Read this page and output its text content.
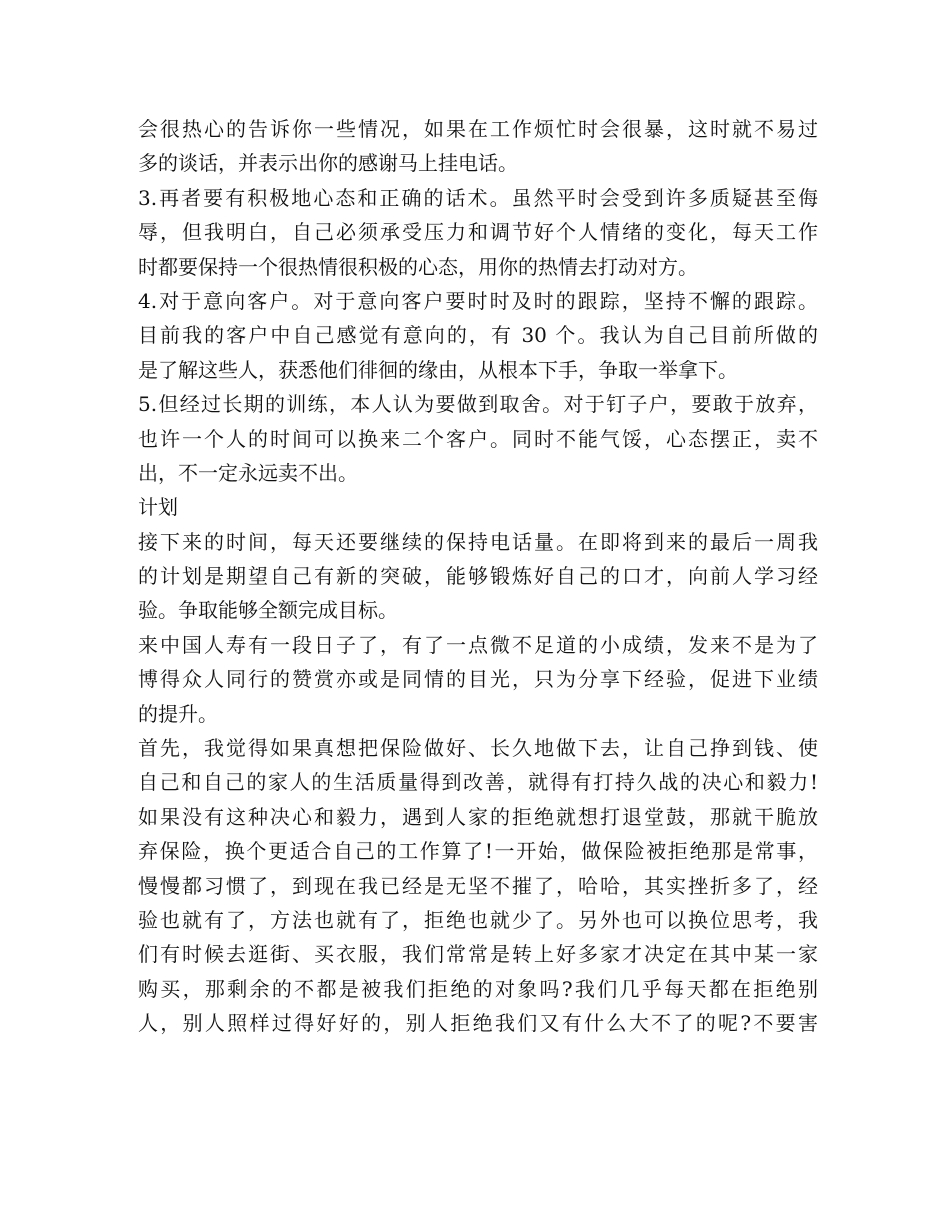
会很热心的告诉你一些情况，如果在工作烦忙时会很暴，这时就不易过
多的谈话，并表示出你的感谢马上挂电话。
3.再者要有积极地心态和正确的话术。虽然平时会受到许多质疑甚至侮
辱，但我明白，自己必须承受压力和调节好个人情绪的变化，每天工作
时都要保持一个很热情很积极的心态，用你的热情去打动对方。
4.对于意向客户。对于意向客户要时时及时的跟踪，坚持不懈的跟踪。
目前我的客户中自己感觉有意向的，有 30 个。我认为自己目前所做的
是了解这些人，获悉他们徘徊的缘由，从根本下手，争取一举拿下。
5.但经过长期的训练，本人认为要做到取舍。对于钉子户，要敢于放弃，
也许一个人的时间可以换来二个客户。同时不能气馁，心态摆正，卖不
出，不一定永远卖不出。
计划
接下来的时间，每天还要继续的保持电话量。在即将到来的最后一周我
的计划是期望自己有新的突破，能够锻炼好自己的口才，向前人学习经
验。争取能够全额完成目标。
来中国人寿有一段日子了，有了一点微不足道的小成绩，发来不是为了
博得众人同行的赞赏亦或是同情的目光，只为分享下经验，促进下业绩
的提升。
首先，我觉得如果真想把保险做好、长久地做下去，让自己挣到钱、使
自己和自己的家人的生活质量得到改善，就得有打持久战的决心和毅力!
如果没有这种决心和毅力，遇到人家的拒绝就想打退堂鼓，那就干脆放
弃保险，换个更适合自己的工作算了!一开始，做保险被拒绝那是常事，
慢慢都习惯了，到现在我已经是无坚不摧了，哈哈，其实挫折多了，经
验也就有了，方法也就有了，拒绝也就少了。另外也可以换位思考，我
们有时候去逛街、买衣服，我们常常是转上好多家才决定在其中某一家
购买，那剩余的不都是被我们拒绝的对象吗?我们几乎每天都在拒绝别
人，别人照样过得好好的，别人拒绝我们又有什么大不了的呢?不要害
